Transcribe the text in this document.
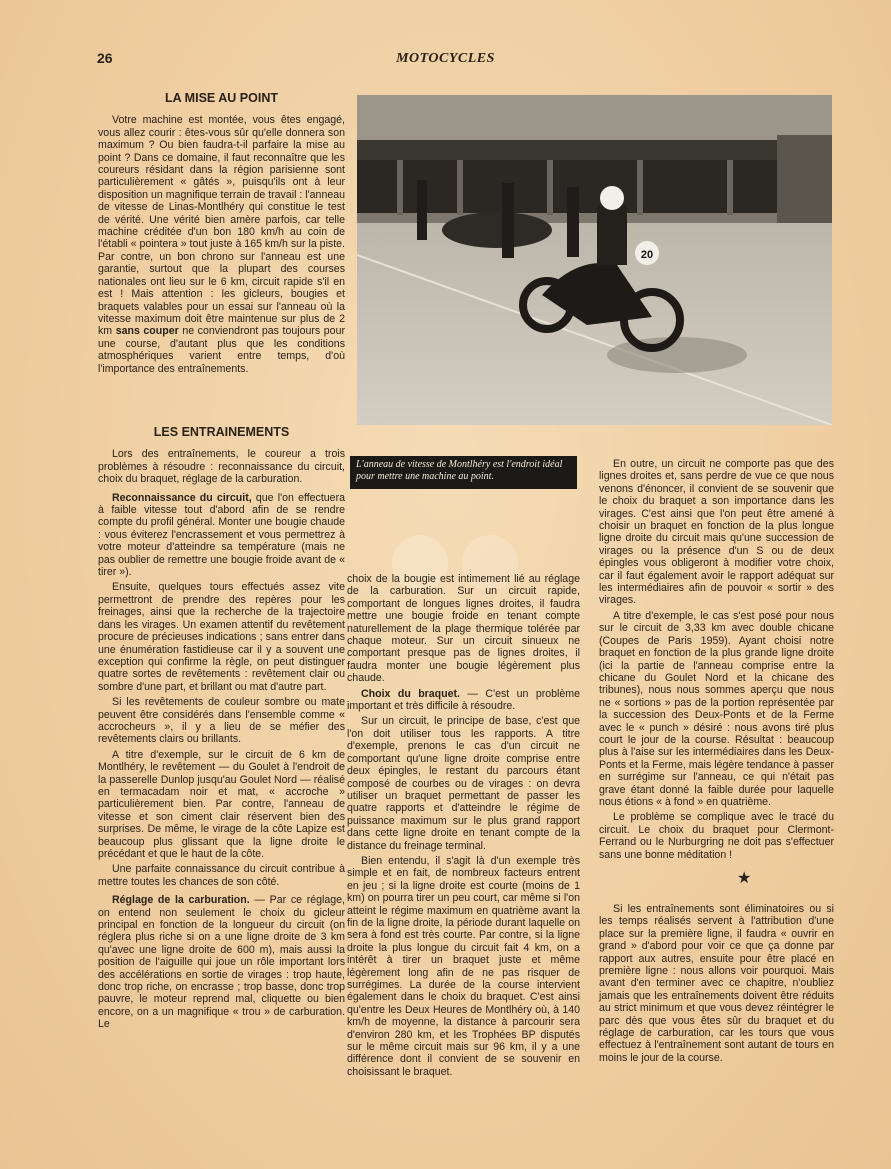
26	MOTOCYCLES
LA MISE AU POINT

Votre machine est montée, vous êtes engagé, vous allez courir : êtes-vous sûr qu'elle donnera son maximum ? Ou bien faudra-t-il parfaire la mise au point ? Dans ce domaine, il faut reconnaître que les coureurs résidant dans la région parisienne sont particulièrement « gâtés », puisqu'ils ont à leur disposition un magnifique terrain de travail : l'anneau de vitesse de Linas-Montlhéry qui constitue le test de vérité. Une vérité bien amère parfois, car telle machine créditée d'un bon 180 km/h au coin de l'établi « pointera » tout juste à 165 km/h sur la piste. Par contre, un bon chrono sur l'anneau est une garantie, surtout que la plupart des courses nationales ont lieu sur le 6 km, circuit rapide s'il en est ! Mais attention : les gicleurs, bougies et braquets valables pour un essai sur l'anneau où la vitesse maximum doit être maintenue sur plus de 2 km sans couper ne conviendront pas toujours pour une course, d'autant plus que les conditions atmosphériques varient entre temps, d'où l'importance des entraînements.

LES ENTRAINEMENTS

Lors des entraînements, le coureur a trois problèmes à résoudre : reconnaissance du circuit, choix du braquet, réglage de la carburation.

Reconnaissance du circuit, que l'on effectuera à faible vitesse tout d'abord afin de se rendre compte du profil général. Monter une bougie chaude : vous éviterez l'encrassement et vous permettrez à votre moteur d'atteindre sa température (mais ne pas oublier de remettre une bougie froide avant de « tirer »).

Ensuite, quelques tours effectués assez vite permettront de prendre des repères pour les freinages, ainsi que la recherche de la trajectoire dans les virages. Un examen attentif du revêtement procure de précieuses indications ; sans entrer dans une énumération fastidieuse car il y a souvent une exception qui confirme la règle, on peut distinguer quatre sortes de revêtements : revêtement clair ou sombre d'une part, et brillant ou mat d'autre part.

Si les revêtements de couleur sombre ou mate peuvent être considérés dans l'ensemble comme « accrocheurs », il y a lieu de se méfier des revêtements clairs ou brillants.

A titre d'exemple, sur le circuit de 6 km de Montlhéry, le revêtement — du Goulet à l'endroit de la passerelle Dunlop jusqu'au Goulet Nord — réalisé en termacadam noir et mat, « accroche » particulièrement bien. Par contre, l'anneau de vitesse et son ciment clair réservent bien des surprises. De même, le virage de la côte Lapize est beaucoup plus glissant que la ligne droite le précédant et que le haut de la côte.

Une parfaite connaissance du circuit contribue à mettre toutes les chances de son côté.

Réglage de la carburation. — Par ce réglage, on entend non seulement le choix du gicleur principal en fonction de la longueur du circuit (on réglera plus riche si on a une ligne droite de 3 km qu'avec une ligne droite de 600 m), mais aussi la position de l'aiguille qui joue un rôle important lors des accélérations en sortie de virages : trop haute, donc trop riche, on encrasse ; trop basse, donc trop pauvre, le moteur reprend mal, cliquette ou bien encore, on a un magnifique « trou » de carburation. Le

20
L'anneau de vitesse de Montlhéry est l'endroit idéal pour mettre une machine au point.

choix de la bougie est intimement lié au réglage de la carburation. Sur un circuit rapide, comportant de longues lignes droites, il faudra mettre une bougie froide en tenant compte naturellement de la plage thermique tolérée par chaque moteur. Sur un circuit sinueux ne comportant presque pas de lignes droites, il faudra monter une bougie légèrement plus chaude.

Choix du braquet. — C'est un problème important et très difficile à résoudre.

Sur un circuit, le principe de base, c'est que l'on doit utiliser tous les rapports. A titre d'exemple, prenons le cas d'un circuit ne comportant qu'une ligne droite comprise entre deux épingles, le restant du parcours étant composé de courbes ou de virages : on devra utiliser un braquet permettant de passer les quatre rapports et d'atteindre le régime de puissance maximum sur le plus grand rapport dans cette ligne droite en tenant compte de la distance du freinage terminal.

Bien entendu, il s'agit là d'un exemple très simple et en fait, de nombreux facteurs entrent en jeu ; si la ligne droite est courte (moins de 1 km) on pourra tirer un peu court, car même si l'on atteint le régime maximum en quatrième avant la fin de la ligne droite, la période durant laquelle on sera à fond est très courte. Par contre, si la ligne droite la plus longue du circuit fait 4 km, on a intérêt à tirer un braquet juste et même légèrement long afin de ne pas risquer de surrégimes. La durée de la course intervient également dans le choix du braquet. C'est ainsi qu'entre les Deux Heures de Montlhéry où, à 140 km/h de moyenne, la distance à parcourir sera d'environ 280 km, et les Trophées BP disputés sur le même circuit mais sur 96 km, il y a une différence dont il convient de se souvenir en choisissant le braquet.

En outre, un circuit ne comporte pas que des lignes droites et, sans perdre de vue ce que nous venons d'énoncer, il convient de se souvenir que le choix du braquet a son importance dans les virages. C'est ainsi que l'on peut être amené à choisir un braquet en fonction de la plus longue ligne droite du circuit mais qu'une succession de virages ou la présence d'un S ou de deux épingles vous obligeront à modifier votre choix, car il faut également avoir le rapport adéquat sur les intermédiaires afin de pouvoir « sortir » des virages.

A titre d'exemple, le cas s'est posé pour nous sur le circuit de 3,33 km avec double chicane (Coupes de Paris 1959). Ayant choisi notre braquet en fonction de la plus grande ligne droite (ici la partie de l'anneau comprise entre la chicane du Goulet Nord et la chicane des tribunes), nous nous sommes aperçu que nous ne « sortions » pas de la portion représentée par la succession des Deux-Ponts et de la Ferme avec le « punch » désiré : nous avons tiré plus court le jour de la course. Résultat : beaucoup plus à l'aise sur les intermédiaires dans les Deux-Ponts et la Ferme, mais légère tendance à passer en surrégime sur l'anneau, ce qui n'était pas grave étant donné la faible durée pour laquelle nous étions « à fond » en quatrième.

Le problème se complique avec le tracé du circuit. Le choix du braquet pour Clermont-Ferrand ou le Nurburgring ne doit pas s'effectuer sans une bonne méditation !

★

Si les entraînements sont éliminatoires ou si les temps réalisés servent à l'attribution d'une place sur la première ligne, il faudra « ouvrir en grand » d'abord pour voir ce que ça donne par rapport aux autres, ensuite pour être placé en première ligne : nous allons voir pourquoi. Mais avant d'en terminer avec ce chapitre, n'oubliez jamais que les entraînements doivent être réduits au strict minimum et que vous devez réintégrer le parc dès que vous êtes sûr du braquet et du réglage de carburation, car les tours que vous effectuez à l'entraînement sont autant de tours en moins le jour de la course.
